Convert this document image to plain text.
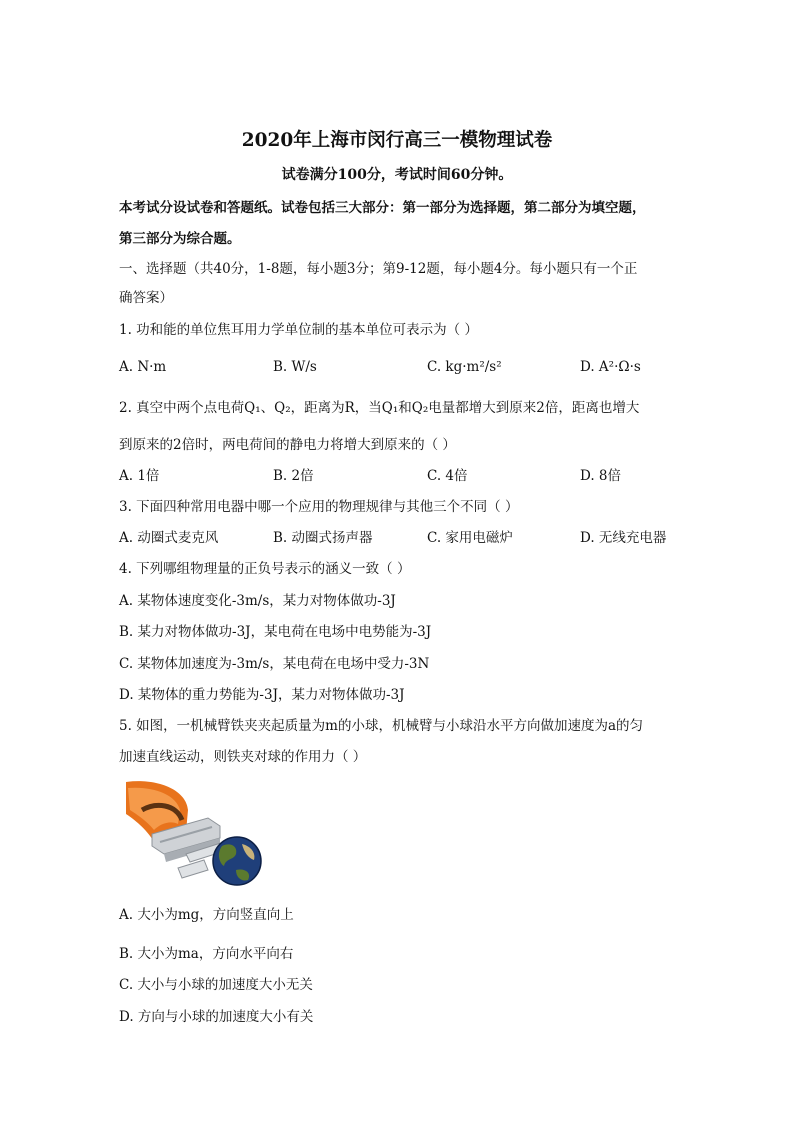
2020年上海市闵行高三一模物理试卷
试卷满分100分，考试时间60分钟。
本考试分设试卷和答题纸。试卷包括三大部分：第一部分为选择题，第二部分为填空题，
第三部分为综合题。
一、选择题（共40分，1-8题，每小题3分；第9-12题，每小题4分。每小题只有一个正
确答案）
1. 功和能的单位焦耳用力学单位制的基本单位可表示为（ ）
A. N·m	B. W/s	C. kg·m²/s²	D. A²·Ω·s
2. 真空中两个点电荷Q₁、Q₂，距离为R，当Q₁和Q₂电量都增大到原来2倍，距离也增大
到原来的2倍时，两电荷间的静电力将增大到原来的（ ）
A. 1倍	B. 2倍	C. 4倍	D. 8倍
3. 下面四种常用电器中哪一个应用的物理规律与其他三个不同（ ）
A. 动圈式麦克风	B. 动圈式扬声器	C. 家用电磁炉	D. 无线充电器
4. 下列哪组物理量的正负号表示的涵义一致（ ）
A. 某物体速度变化-3m/s，某力对物体做功-3J
B. 某力对物体做功-3J，某电荷在电场中电势能为-3J
C. 某物体加速度为-3m/s，某电荷在电场中受力-3N
D. 某物体的重力势能为-3J，某力对物体做功-3J
5. 如图，一机械臂铁夹夹起质量为m的小球，机械臂与小球沿水平方向做加速度为a的匀
加速直线运动，则铁夹对球的作用力（ ）
A. 大小为mg，方向竖直向上
B. 大小为ma，方向水平向右
C. 大小与小球的加速度大小无关
D. 方向与小球的加速度大小有关
